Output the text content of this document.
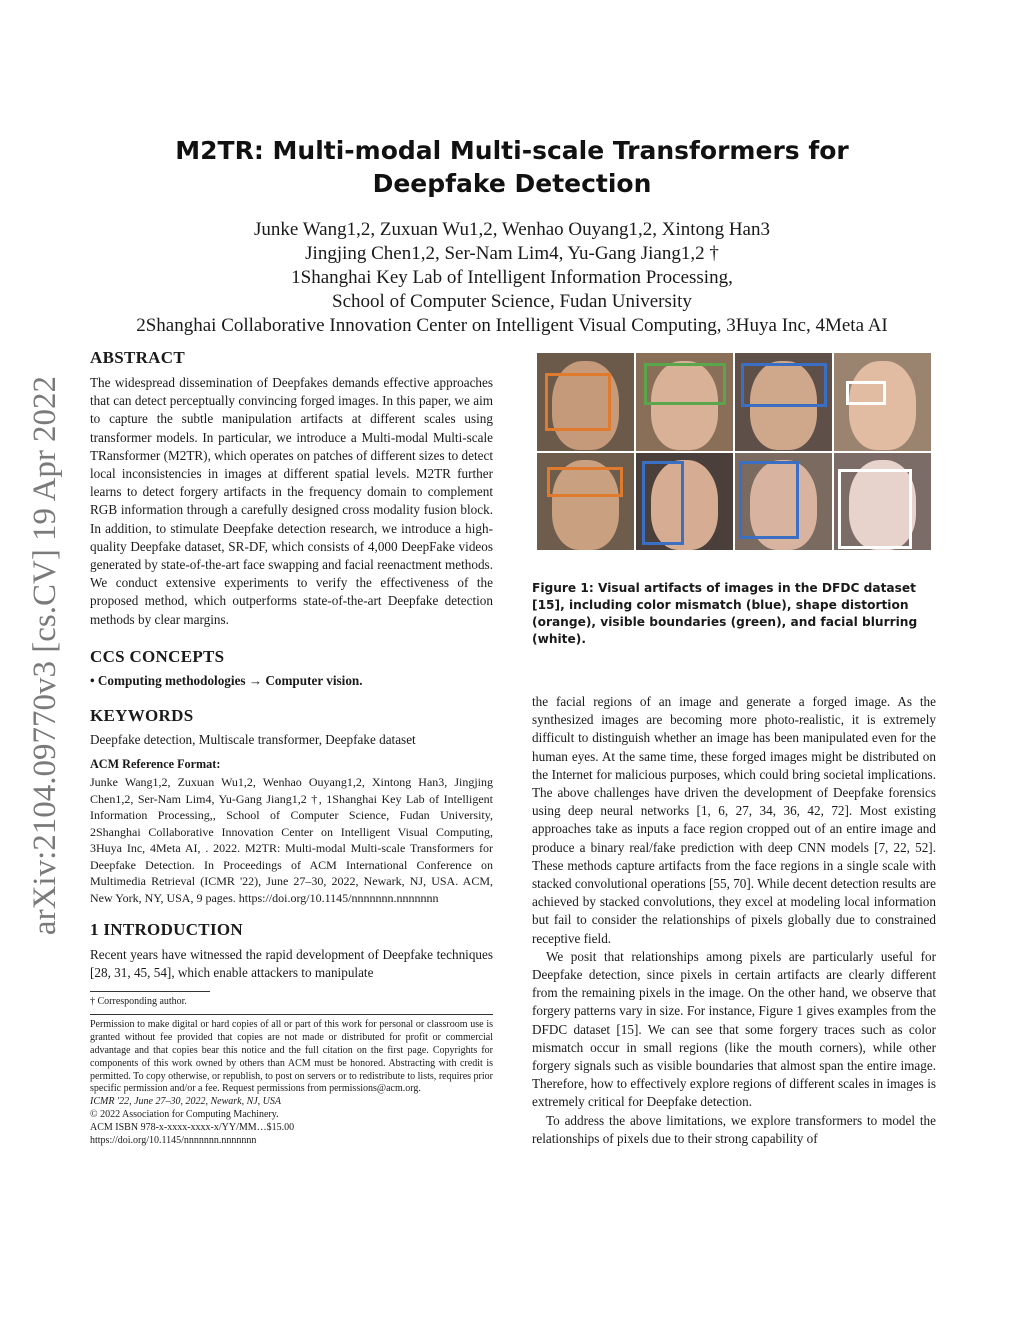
arXiv:2104.09770v3 [cs.CV] 19 Apr 2022
M2TR: Multi-modal Multi-scale Transformers for
Deepfake Detection
Junke Wang1,2, Zuxuan Wu1,2, Wenhao Ouyang1,2, Xintong Han3
Jingjing Chen1,2, Ser-Nam Lim4, Yu-Gang Jiang1,2 †
1Shanghai Key Lab of Intelligent Information Processing,
School of Computer Science, Fudan University
2Shanghai Collaborative Innovation Center on Intelligent Visual Computing, 3Huya Inc, 4Meta AI
ABSTRACT

The widespread dissemination of Deepfakes demands effective approaches that can detect perceptually convincing forged images. In this paper, we aim to capture the subtle manipulation artifacts at different scales using transformer models. In particular, we introduce a Multi-modal Multi-scale TRansformer (M2TR), which operates on patches of different sizes to detect local inconsistencies in images at different spatial levels. M2TR further learns to detect forgery artifacts in the frequency domain to complement RGB information through a carefully designed cross modality fusion block. In addition, to stimulate Deepfake detection research, we introduce a high-quality Deepfake dataset, SR-DF, which consists of 4,000 DeepFake videos generated by state-of-the-art face swapping and facial reenactment methods. We conduct extensive experiments to verify the effectiveness of the proposed method, which outperforms state-of-the-art Deepfake detection methods by clear margins.

CCS CONCEPTS

• Computing methodologies → Computer vision.

KEYWORDS

Deepfake detection, Multiscale transformer, Deepfake dataset

ACM Reference Format:

Junke Wang1,2, Zuxuan Wu1,2, Wenhao Ouyang1,2, Xintong Han3, Jingjing Chen1,2, Ser-Nam Lim4, Yu-Gang Jiang1,2 †, 1Shanghai Key Lab of Intelligent Information Processing,, School of Computer Science, Fudan University, 2Shanghai Collaborative Innovation Center on Intelligent Visual Computing, 3Huya Inc, 4Meta AI, . 2022. M2TR: Multi-modal Multi-scale Transformers for Deepfake Detection. In Proceedings of ACM International Conference on Multimedia Retrieval (ICMR '22), June 27–30, 2022, Newark, NJ, USA. ACM, New York, NY, USA, 9 pages. https://doi.org/10.1145/nnnnnnn.nnnnnnn

1 INTRODUCTION

Recent years have witnessed the rapid development of Deepfake techniques [28, 31, 45, 54], which enable attackers to manipulate

† Corresponding author.

Permission to make digital or hard copies of all or part of this work for personal or classroom use is granted without fee provided that copies are not made or distributed for profit or commercial advantage and that copies bear this notice and the full citation on the first page. Copyrights for components of this work owned by others than ACM must be honored. Abstracting with credit is permitted. To copy otherwise, or republish, to post on servers or to redistribute to lists, requires prior specific permission and/or a fee. Request permissions from permissions@acm.org.

ICMR '22, June 27–30, 2022, Newark, NJ, USA

© 2022 Association for Computing Machinery.

ACM ISBN 978-x-xxxx-xxxx-x/YY/MM…$15.00

https://doi.org/10.1145/nnnnnnn.nnnnnnn

Figure 1: Visual artifacts of images in the DFDC dataset [15], including color mismatch (blue), shape distortion (orange), visible boundaries (green), and facial blurring (white).

the facial regions of an image and generate a forged image. As the synthesized images are becoming more photo-realistic, it is extremely difficult to distinguish whether an image has been manipulated even for the human eyes. At the same time, these forged images might be distributed on the Internet for malicious purposes, which could bring societal implications. The above challenges have driven the development of Deepfake forensics using deep neural networks [1, 6, 27, 34, 36, 42, 72]. Most existing approaches take as inputs a face region cropped out of an entire image and produce a binary real/fake prediction with deep CNN models [7, 22, 52]. These methods capture artifacts from the face regions in a single scale with stacked convolutional operations [55, 70]. While decent detection results are achieved by stacked convolutions, they excel at modeling local information but fail to consider the relationships of pixels globally due to constrained receptive field.

We posit that relationships among pixels are particularly useful for Deepfake detection, since pixels in certain artifacts are clearly different from the remaining pixels in the image. On the other hand, we observe that forgery patterns vary in size. For instance, Figure 1 gives examples from the DFDC dataset [15]. We can see that some forgery traces such as color mismatch occur in small regions (like the mouth corners), while other forgery signals such as visible boundaries that almost span the entire image. Therefore, how to effectively explore regions of different scales in images is extremely critical for Deepfake detection.

To address the above limitations, we explore transformers to model the relationships of pixels due to their strong capability of
